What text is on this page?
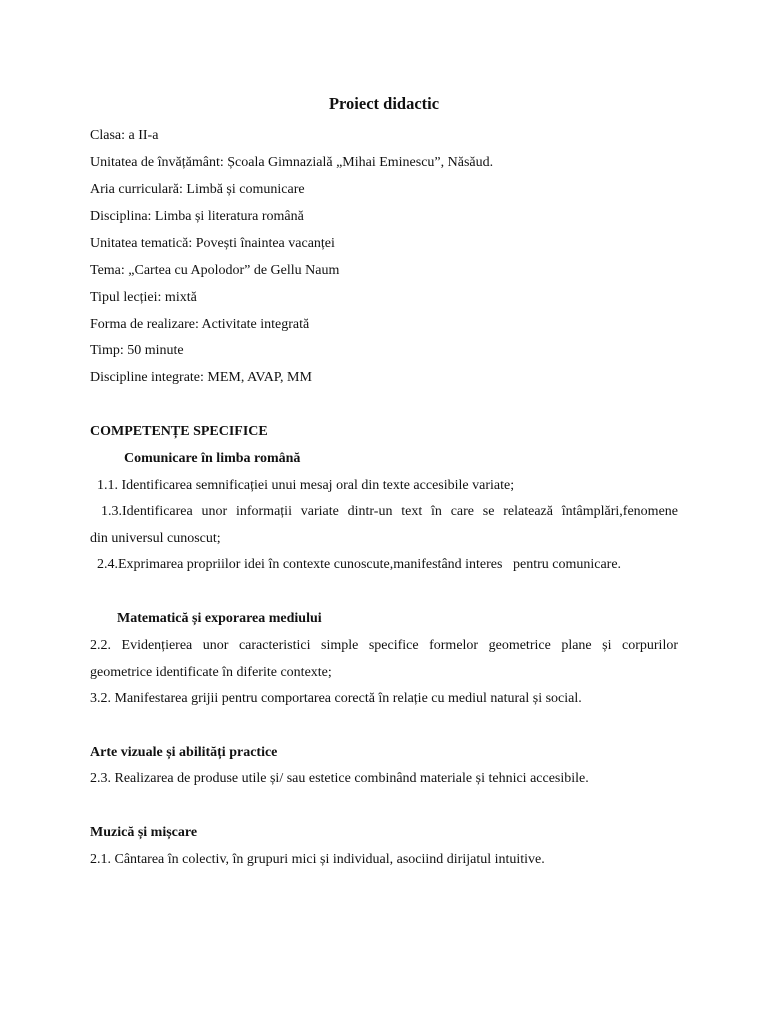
Proiect didactic
Clasa: a II-a
Unitatea de învățământ: Școala Gimnazială „Mihai Eminescu”, Năsăud.
Aria curriculară: Limbă și comunicare
Disciplina: Limba și literatura română
Unitatea tematică: Povești înaintea vacanței
Tema: „Cartea cu Apolodor” de Gellu Naum
Tipul lecției: mixtă
Forma de realizare: Activitate integrată
Timp: 50 minute
Discipline integrate: MEM, AVAP, MM
COMPETENȚE SPECIFICE
Comunicare în limba română
1.1. Identificarea semnificației unui mesaj oral din texte accesibile variate;
1.3.Identificarea unor informații variate dintr-un text în care se relatează întâmplări,fenomene
din universul cunoscut;
2.4.Exprimarea propriilor idei în contexte cunoscute,manifestând interes   pentru comunicare.
Matematică și exporarea mediului
2.2. Evidențierea unor caracteristici simple specifice formelor geometrice plane și corpurilor
geometrice identificate în diferite contexte;
3.2. Manifestarea grijii pentru comportarea corectă în relație cu mediul natural și social.
Arte vizuale și abilități practice
2.3. Realizarea de produse utile și/ sau estetice combinând materiale și tehnici accesibile.
Muzică și mișcare
2.1. Cântarea în colectiv, în grupuri mici și individual, asociind dirijatul intuitive.
